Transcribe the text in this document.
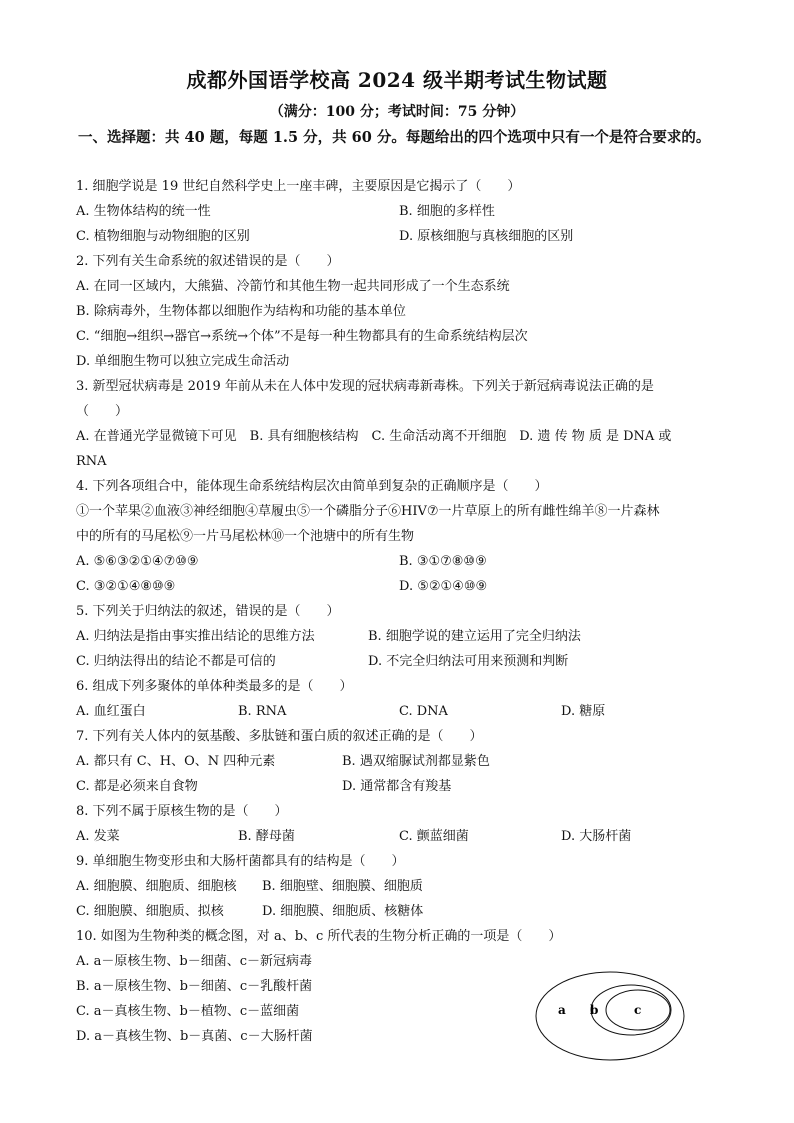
成都外国语学校高 2024 级半期考试生物试题
（满分：100 分；考试时间：75 分钟）
一、选择题：共 40 题，每题 1.5 分，共 60 分。每题给出的四个选项中只有一个是符合要求的。
1. 细胞学说是 19 世纪自然科学史上一座丰碑，主要原因是它揭示了（　　）
A. 生物体结构的统一性	B. 细胞的多样性
C. 植物细胞与动物细胞的区别	D. 原核细胞与真核细胞的区别
2. 下列有关生命系统的叙述错误的是（　　）
A. 在同一区域内，大熊猫、冷箭竹和其他生物一起共同形成了一个生态系统
B. 除病毒外，生物体都以细胞作为结构和功能的基本单位
C. “细胞→组织→器官→系统→个体”不是每一种生物都具有的生命系统结构层次
D. 单细胞生物可以独立完成生命活动
3. 新型冠状病毒是 2019 年前从未在人体中发现的冠状病毒新毒株。下列关于新冠病毒说法正确的是
（　　）
A. 在普通光学显微镜下可见　B. 具有细胞核结构　C. 生命活动离不开细胞　D. 遗 传 物 质 是 DNA 或
RNA
4. 下列各项组合中，能体现生命系统结构层次由简单到复杂的正确顺序是（　　）
①一个苹果②血液③神经细胞④草履虫⑤一个磷脂分子⑥HIV⑦一片草原上的所有雌性绵羊⑧一片森林
中的所有的马尾松⑨一片马尾松林⑩一个池塘中的所有生物
A. ⑤⑥③②①④⑦⑩⑨	B. ③①⑦⑧⑩⑨
C. ③②①④⑧⑩⑨	D. ⑤②①④⑩⑨
5. 下列关于归纳法的叙述，错误的是（　　）
A. 归纳法是指由事实推出结论的思维方法	B. 细胞学说的建立运用了完全归纳法
C. 归纳法得出的结论不都是可信的	D. 不完全归纳法可用来预测和判断
6. 组成下列多聚体的单体种类最多的是（　　）
A. 血红蛋白	B. RNA	C. DNA	D. 糖原
7. 下列有关人体内的氨基酸、多肽链和蛋白质的叙述正确的是（　　）
A. 都只有 C、H、O、N 四种元素	B. 遇双缩脲试剂都显紫色
C. 都是必须来自食物	D. 通常都含有羧基
8. 下列不属于原核生物的是（　　）
A. 发菜	B. 酵母菌	C. 颤蓝细菌	D. 大肠杆菌
9. 单细胞生物变形虫和大肠杆菌都具有的结构是（　　）
A. 细胞膜、细胞质、细胞核 B. 细胞壁、细胞膜、细胞质
C. 细胞膜、细胞质、拟核	D. 细胞膜、细胞质、核糖体
10. 如图为生物种类的概念图，对 a、b、c 所代表的生物分析正确的一项是（　　）
A. a－原核生物、b－细菌、c－新冠病毒
B. a－原核生物、b－细菌、c－乳酸杆菌
C. a－真核生物、b－植物、c－蓝细菌
D. a－真核生物、b－真菌、c－大肠杆菌
a b	c
